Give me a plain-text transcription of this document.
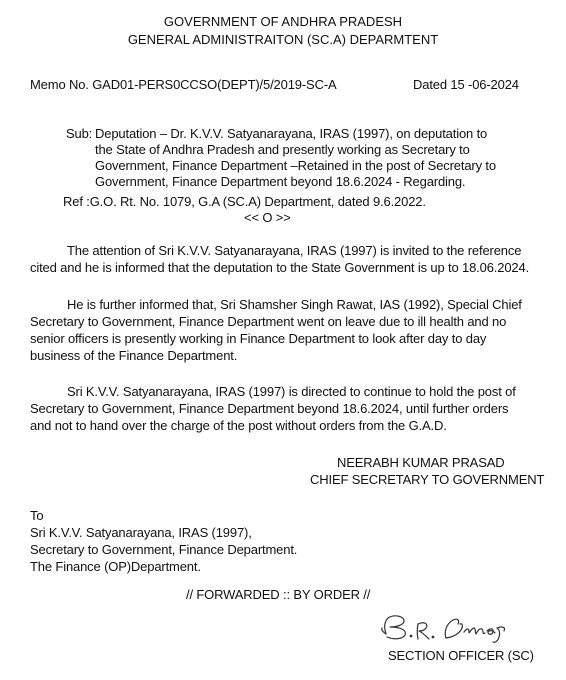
GOVERNMENT OF ANDHRA PRADESH
GENERAL ADMINISTRAITON (SC.A) DEPARMTENT
Memo No. GAD01-PERS0CCSO(DEPT)/5/2019-SC-A	Dated 15 -06-2024
Sub: Deputation – Dr. K.V.V. Satyanarayana, IRAS (1997), on deputation to
the State of Andhra Pradesh and presently working as Secretary to
Government, Finance Department –Retained in the post of Secretary to
Government, Finance Department beyond 18.6.2024 - Regarding.
Ref :G.O. Rt. No. 1079, G.A (SC.A) Department, dated 9.6.2022.
<< O >>
The attention of Sri K.V.V. Satyanarayana, IRAS (1997) is invited to the reference
cited and he is informed that the deputation to the State Government is up to 18.06.2024.
He is further informed that, Sri Shamsher Singh Rawat, IAS (1992), Special Chief
Secretary to Government, Finance Department went on leave due to ill health and no
senior officers is presently working in Finance Department to look after day to day
business of the Finance Department.
Sri K.V.V. Satyanarayana, IRAS (1997) is directed to continue to hold the post of
Secretary to Government, Finance Department beyond 18.6.2024, until further orders
and not to hand over the charge of the post without orders from the G.A.D.
NEERABH KUMAR PRASAD
CHIEF SECRETARY TO GOVERNMENT
To
Sri K.V.V. Satyanarayana, IRAS (1997),
Secretary to Government, Finance Department.
The Finance (OP)Department.
// FORWARDED :: BY ORDER //
SECTION OFFICER (SC)
